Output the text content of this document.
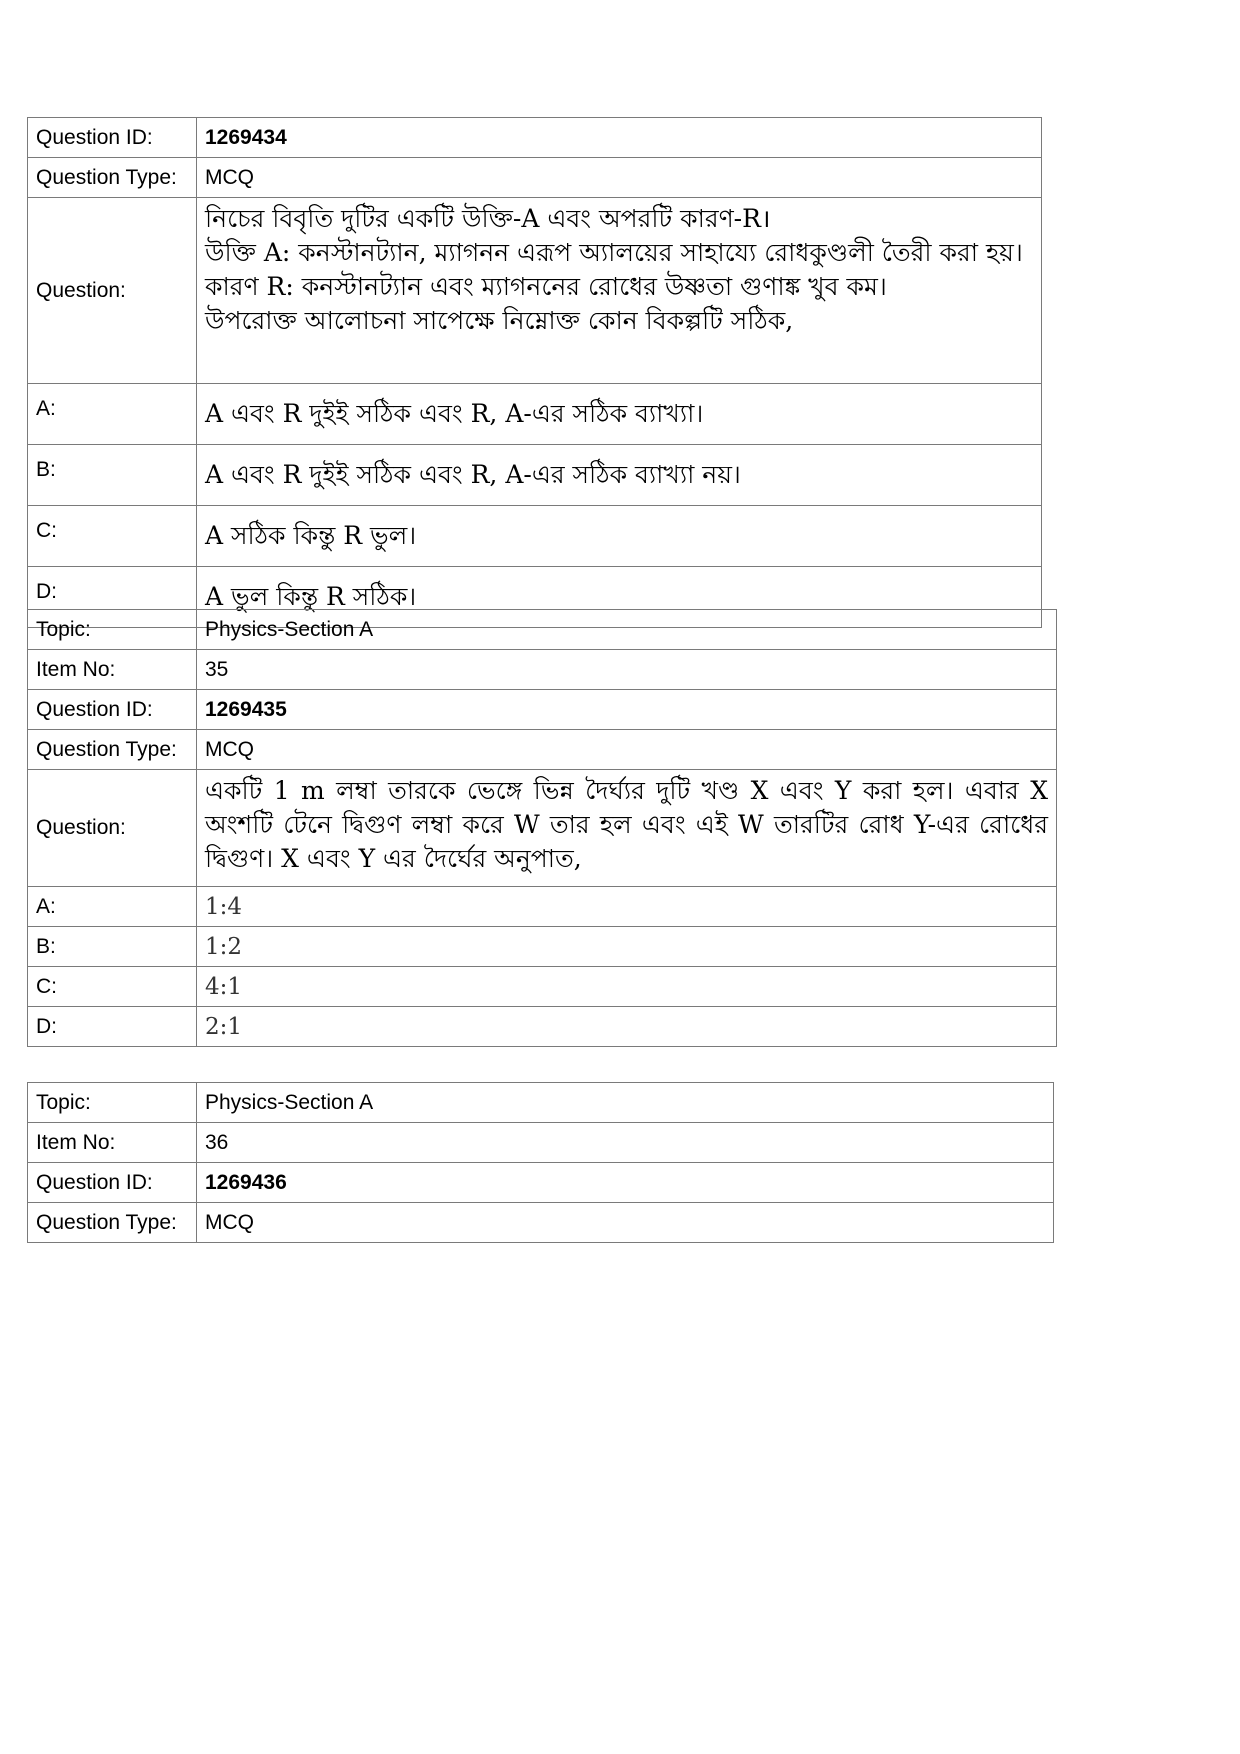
Question ID:	1269434
Question Type:	MCQ
Question:	নিচের বিবৃতি দুটির একটি উক্তি-A এবং অপরটি কারণ-R।
উক্তি A: কনস্টানট্যান, ম্যাগনন এরূপ অ্যালয়ের সাহায্যে রোধকুণ্ডলী তৈরী করা হয়।
কারণ R: কনস্টানট্যান এবং ম্যাগননের রোধের উষ্ণতা গুণাঙ্ক খুব কম।
উপরোক্ত আলোচনা সাপেক্ষে নিম্নোক্ত কোন বিকল্পটি সঠিক,

A:	A এবং R দুইই সঠিক এবং R, A-এর সঠিক ব্যাখ্যা।
B:	A এবং R দুইই সঠিক এবং R, A-এর সঠিক ব্যাখ্যা নয়।
C:	A সঠিক কিন্তু R ভুল।
D:	A ভুল কিন্তু R সঠিক।
Topic:	Physics-Section A
Item No:	35
Question ID:	1269435
Question Type:	MCQ
Question:	একটি 1 m লম্বা তারকে ভেঙ্গে ভিন্ন দৈর্ঘ্যর দুটি খণ্ড X এবং Y করা হল। এবার X অংশটি টেনে দ্বিগুণ লম্বা করে W তার হল এবং এই W তারটির রোধ Y-এর রোধের দ্বিগুণ। X এবং Y এর দৈর্ঘের অনুপাত,
A:	1:4
B:	1:2
C:	4:1
D:	2:1
Topic:	Physics-Section A
Item No:	36
Question ID:	1269436
Question Type:	MCQ
